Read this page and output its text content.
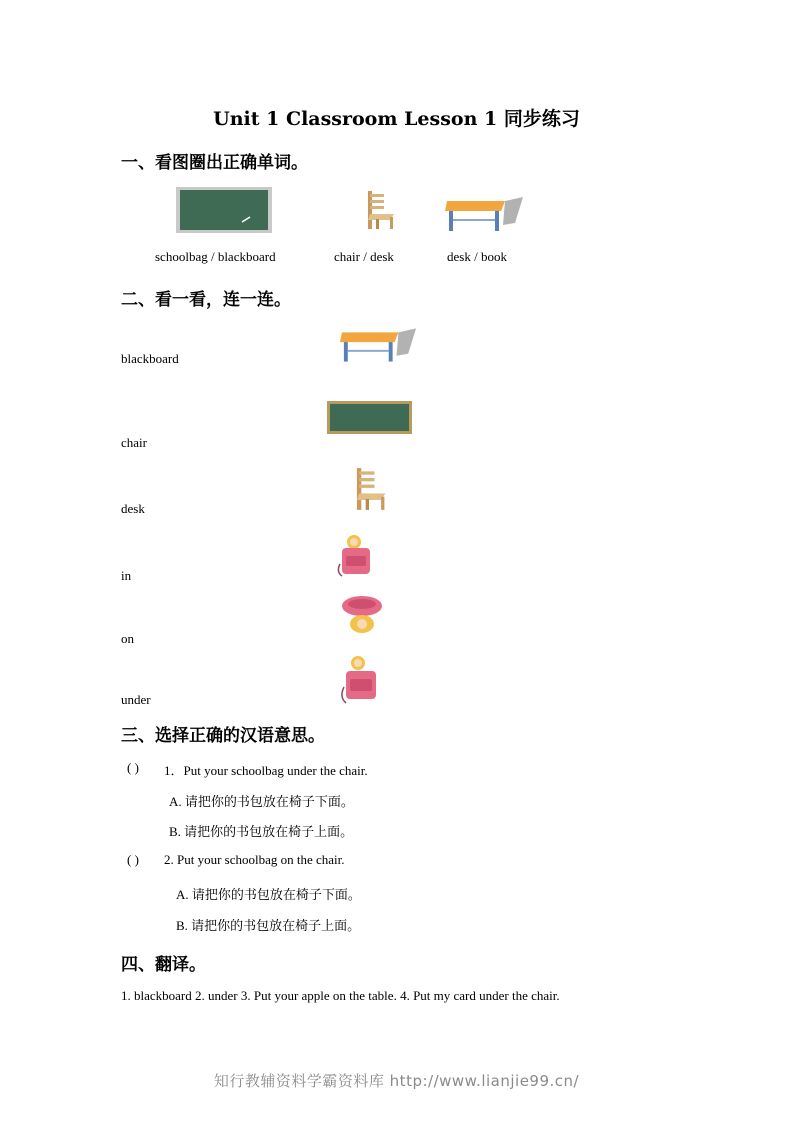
Unit 1 Classroom Lesson 1 同步练习
一、看图圈出正确单词。
schoolbag / blackboard	chair / desk	desk / book
二、看一看，连一连。
blackboard
chair
desk
in
on
under
三、选择正确的汉语意思。
( ) 1．Put your schoolbag under the chair.
A. 请把你的书包放在椅子下面。
B. 请把你的书包放在椅子上面。
( ) 2. Put your schoolbag on the chair.
A. 请把你的书包放在椅子下面。
B. 请把你的书包放在椅子上面。
四、翻译。
1. blackboard 2. under 3. Put your apple on the table. 4. Put my card under the chair.
知行教辅资料学霸资料库 http://www.lianjie99.cn/
